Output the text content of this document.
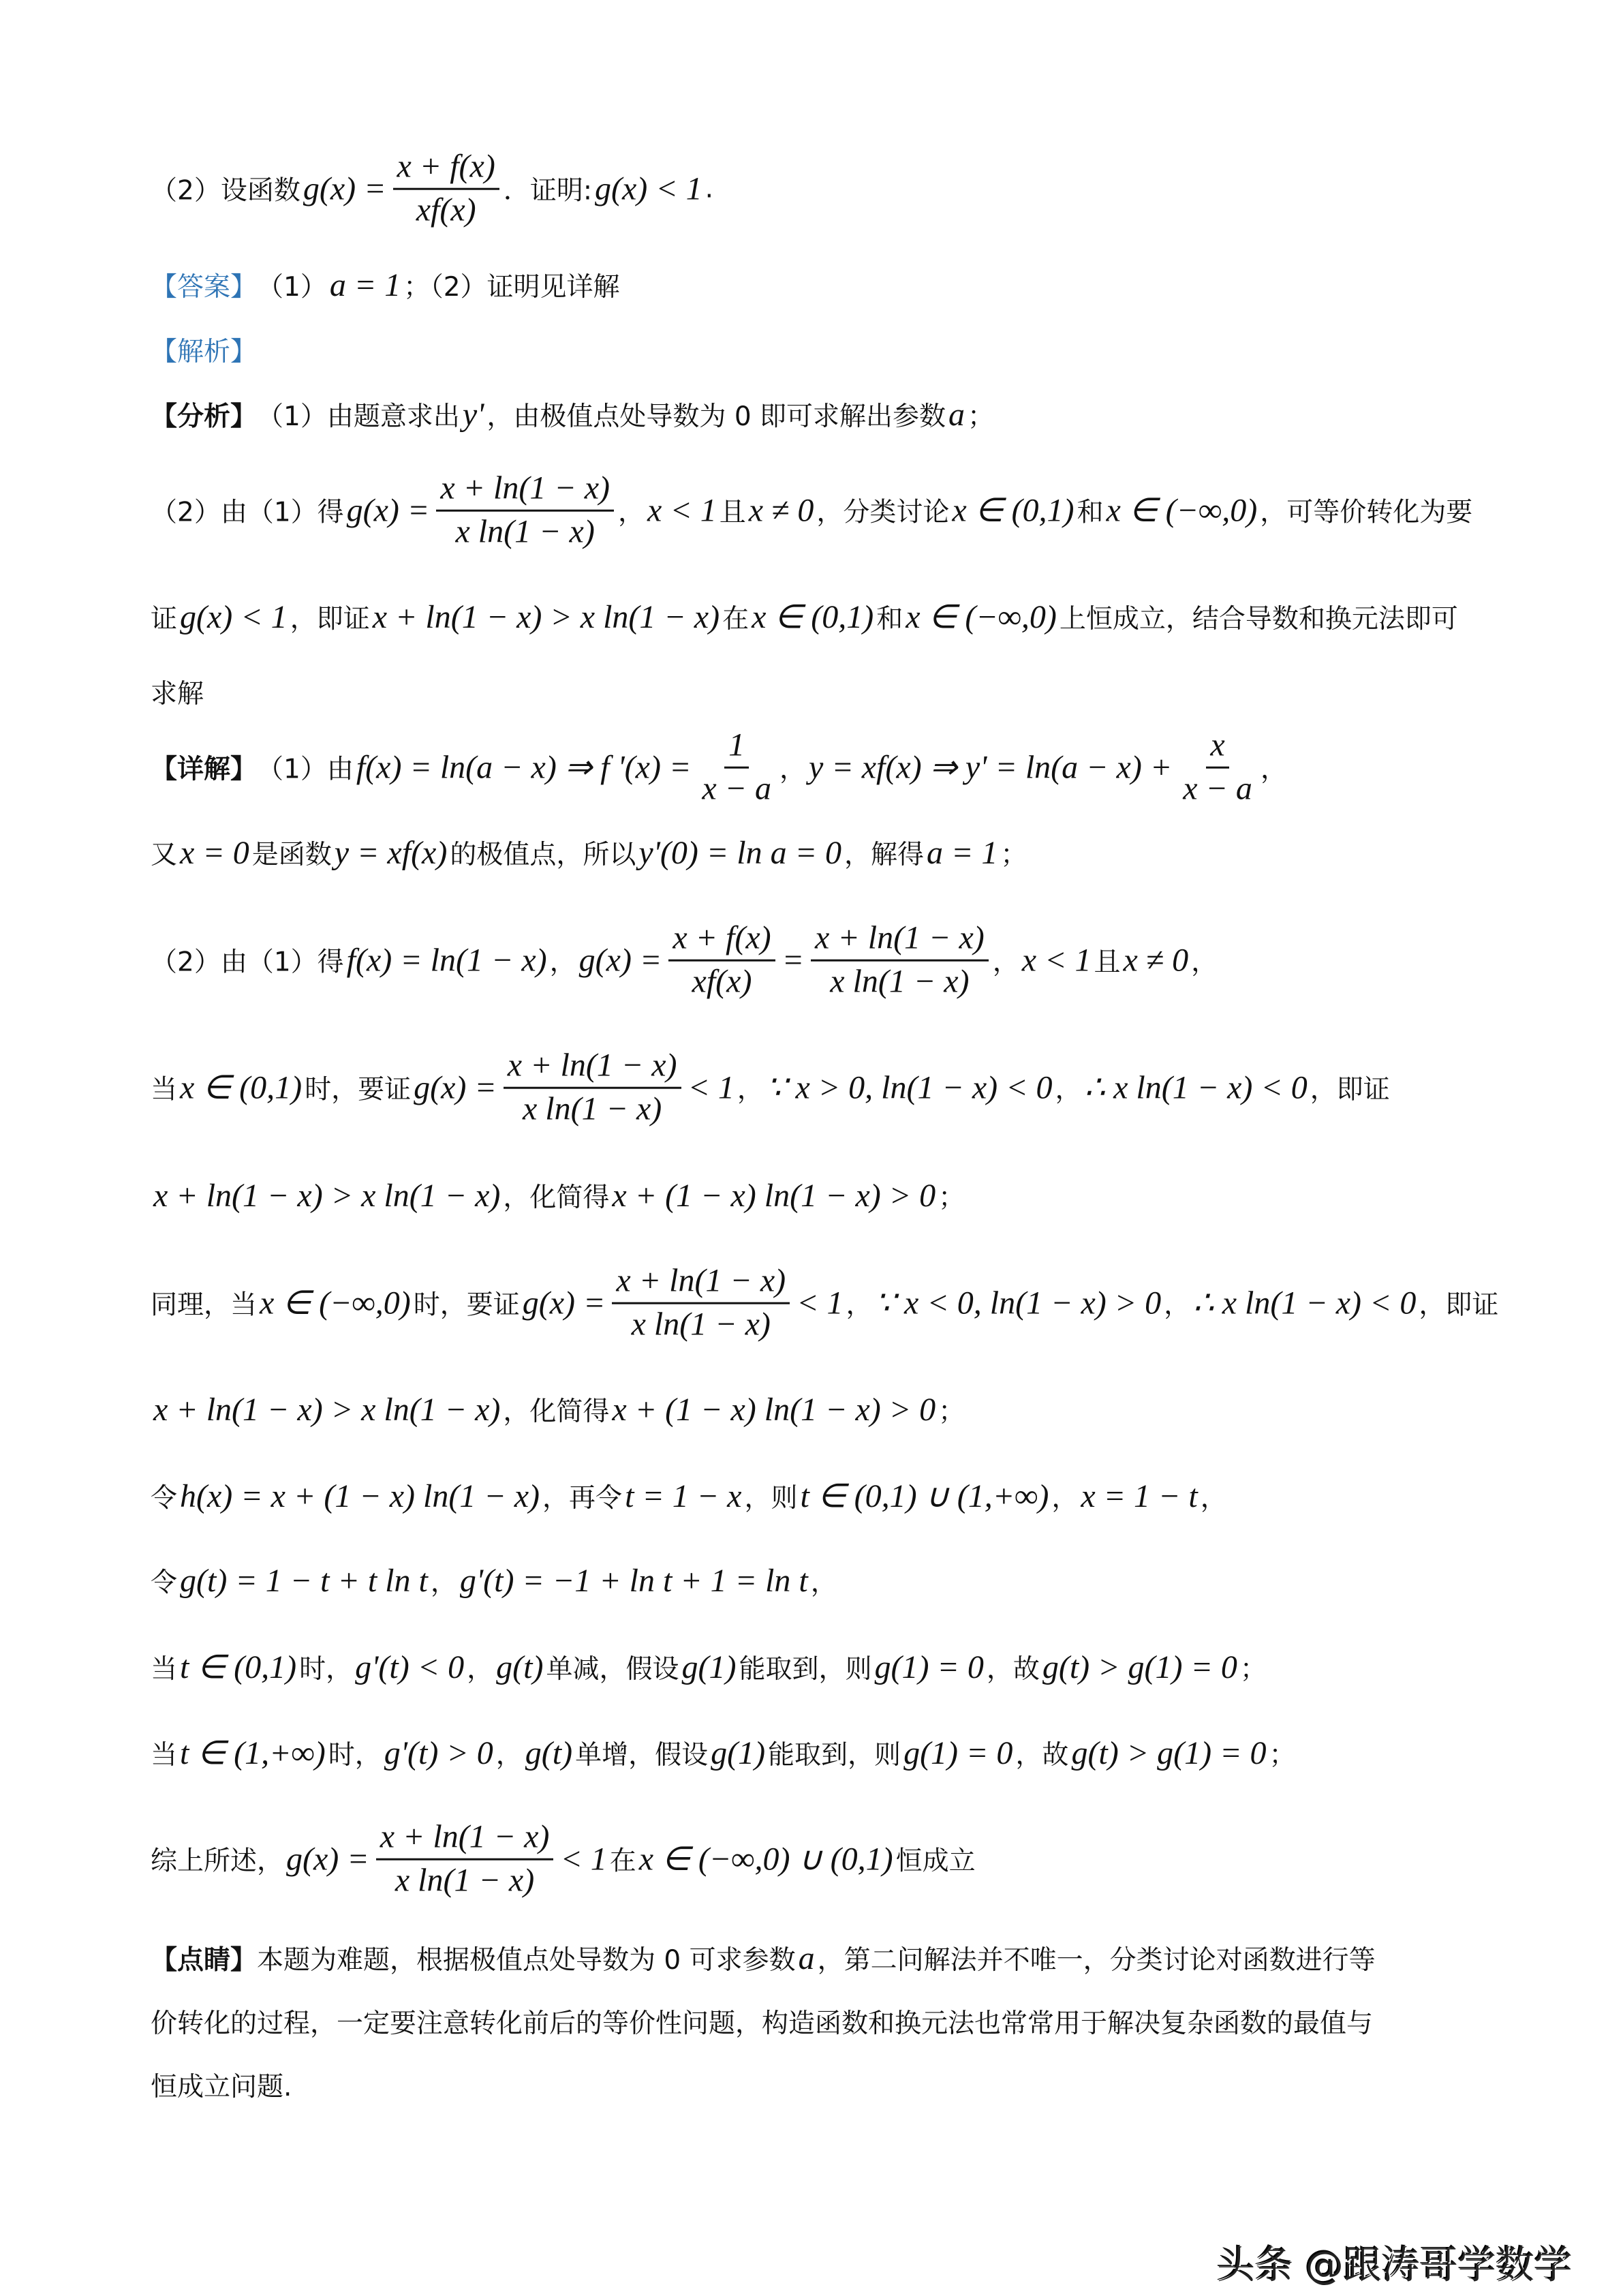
（2）设函数 $g(x) = \frac{x + f(x)}{xf(x)}$ ．证明: g(x) < 1 .
【答案】 （1） a = 1 ；（2）证明见详解
【解析】
【分析】 （1）由题意求出 y' ，由极值点处导数为 0 即可求解出参数 a ；
（2）由（1）得 $g(x) = \frac{x + \ln(1 - x)}{\text{x ln(1 − x)}}$ ， x < 1 且 x ≠ 0 ，分类讨论 x ∈ (0,1) 和 x ∈ (−∞,0) ，可等价转化为要
证 g(x) < 1 ，即证 x + ln(1 − x) > x ln(1 − x) 在 x ∈ (0,1) 和 x ∈ (−∞,0) 上恒成立，结合导数和换元法即可
求解
【详解】 （1）由 f(x) = ln(a − x) ⇒ f '$(x) = \frac{1}{x - a}$ ， y = xf(x) ⇒ $y' = \ln(a - x) + \frac{x}{x - a}$ ，
又 x = 0 是函数 y = xf(x) 的极值点，所以 y'(0) = ln a = 0 ，解得 a = 1 ；
（2）由（1）得 f(x) = ln(1 − x) ， $g(x) = \frac{x + f(x)}{xf(x)} = \frac{x + \ln(1 - x)}{\text{x ln(1 − x)}}$ ， x < 1 且 x ≠ 0 ，
当 x ∈ (0,1) 时，要证 $g(x) = \frac{x + \ln(1 - x)}{\text{x ln(1 − x)}} < 1$ ， ∵ x > 0, ln(1 − x) < 0 ， ∴ x ln(1 − x) < 0 ，即证
x + ln(1 − x) > x ln(1 − x) ，化简得 x + (1 − x) ln(1 − x) > 0 ；
同理，当 x ∈ (−∞,0) 时，要证 $g(x) = \frac{x + \ln(1 - x)}{\text{x ln(1 − x)}} < 1$ ， ∵ x < 0, ln(1 − x) > 0 ， ∴ x ln(1 − x) < 0 ，即证
x + ln(1 − x) > x ln(1 − x) ，化简得 x + (1 − x) ln(1 − x) > 0 ；
令 h(x) = x + (1 − x) ln(1 − x) ，再令 t = 1 − x ，则 t ∈ (0,1) ∪ (1,+∞) ， x = 1 − t ，
令 g(t) = 1 − t + t ln t ， g'(t) = −1 + ln t + 1 = ln t ，
当 t ∈ (0,1) 时， g'(t) < 0 ， g(t) 单减，假设 g(1) 能取到，则 g(1) = 0 ，故 g(t) > g(1) = 0 ；
当 t ∈ (1,+∞) 时， g'(t) > 0 ， g(t) 单增，假设 g(1) 能取到，则 g(1) = 0 ，故 g(t) > g(1) = 0 ；
综上所述， $g(x) = \frac{x + \ln(1 - x)}{\text{x ln(1 − x)}} < 1$ 在 x ∈ (−∞,0) ∪ (0,1) 恒成立
【点睛】 本题为难题，根据极值点处导数为 0 可求参数 a ，第二问解法并不唯一，分类讨论对函数进行等
价转化的过程，一定要注意转化前后的等价性问题，构造函数和换元法也常常用于解决复杂函数的最值与
恒成立问题.
头条 @跟涛哥学数学
